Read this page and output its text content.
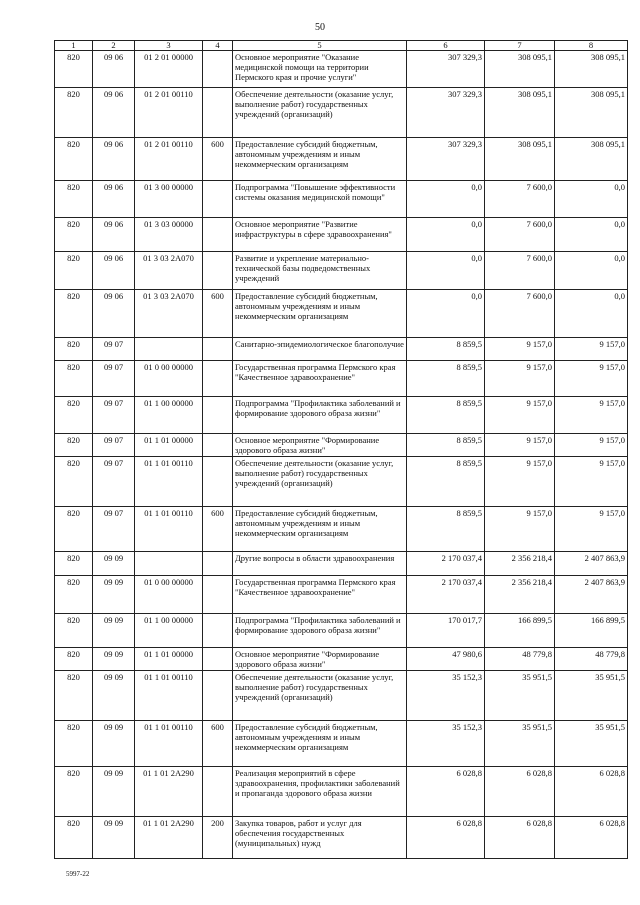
50
1	2	3	4	5	6	7	8
820	09 06	01 2 01 00000		Основное мероприятие "Оказание медицинской помощи на территории Пермского края и прочие услуги"	307 329,3	308 095,1	308 095,1
820	09 06	01 2 01 00110		Обеспечение деятельности (оказание услуг, выполнение работ) государственных учреждений (организаций)	307 329,3	308 095,1	308 095,1
820	09 06	01 2 01 00110	600	Предоставление субсидий бюджетным, автономным учреждениям и иным некоммерческим организациям	307 329,3	308 095,1	308 095,1
820	09 06	01 3 00 00000		Подпрограмма "Повышение эффективности системы оказания медицинской помощи"	0,0	7 600,0	0,0
820	09 06	01 3 03 00000		Основное мероприятие "Развитие инфраструктуры в сфере здравоохранения"	0,0	7 600,0	0,0
820	09 06	01 3 03 2A070		Развитие и укрепление материально-технической базы подведомственных учреждений	0,0	7 600,0	0,0
820	09 06	01 3 03 2A070	600	Предоставление субсидий бюджетным, автономным учреждениям и иным некоммерческим организациям	0,0	7 600,0	0,0
820	09 07			Санитарно-эпидемиологическое благополучие	8 859,5	9 157,0	9 157,0
820	09 07	01 0 00 00000		Государственная программа Пермского края "Качественное здравоохранение"	8 859,5	9 157,0	9 157,0
820	09 07	01 1 00 00000		Подпрограмма "Профилактика заболеваний и формирование здорового образа жизни"	8 859,5	9 157,0	9 157,0
820	09 07	01 1 01 00000		Основное мероприятие "Формирование здорового образа жизни"	8 859,5	9 157,0	9 157,0
820	09 07	01 1 01 00110		Обеспечение деятельности (оказание услуг, выполнение работ) государственных учреждений (организаций)	8 859,5	9 157,0	9 157,0
820	09 07	01 1 01 00110	600	Предоставление субсидий бюджетным, автономным учреждениям и иным некоммерческим организациям	8 859,5	9 157,0	9 157,0
820	09 09			Другие вопросы в области здравоохранения	2 170 037,4	2 356 218,4	2 407 863,9
820	09 09	01 0 00 00000		Государственная программа Пермского края "Качественное здравоохранение"	2 170 037,4	2 356 218,4	2 407 863,9
820	09 09	01 1 00 00000		Подпрограмма "Профилактика заболеваний и формирование здорового образа жизни"	170 017,7	166 899,5	166 899,5
820	09 09	01 1 01 00000		Основное мероприятие "Формирование здорового образа жизни"	47 980,6	48 779,8	48 779,8
820	09 09	01 1 01 00110		Обеспечение деятельности (оказание услуг, выполнение работ) государственных учреждений (организаций)	35 152,3	35 951,5	35 951,5
820	09 09	01 1 01 00110	600	Предоставление субсидий бюджетным, автономным учреждениям и иным некоммерческим организациям	35 152,3	35 951,5	35 951,5
820	09 09	01 1 01 2A290		Реализация мероприятий в сфере здравоохранения, профилактики заболеваний и пропаганда здорового образа жизни	6 028,8	6 028,8	6 028,8
820	09 09	01 1 01 2A290	200	Закупка товаров, работ и услуг для обеспечения государственных (муниципальных) нужд	6 028,8	6 028,8	6 028,8
5997-22
